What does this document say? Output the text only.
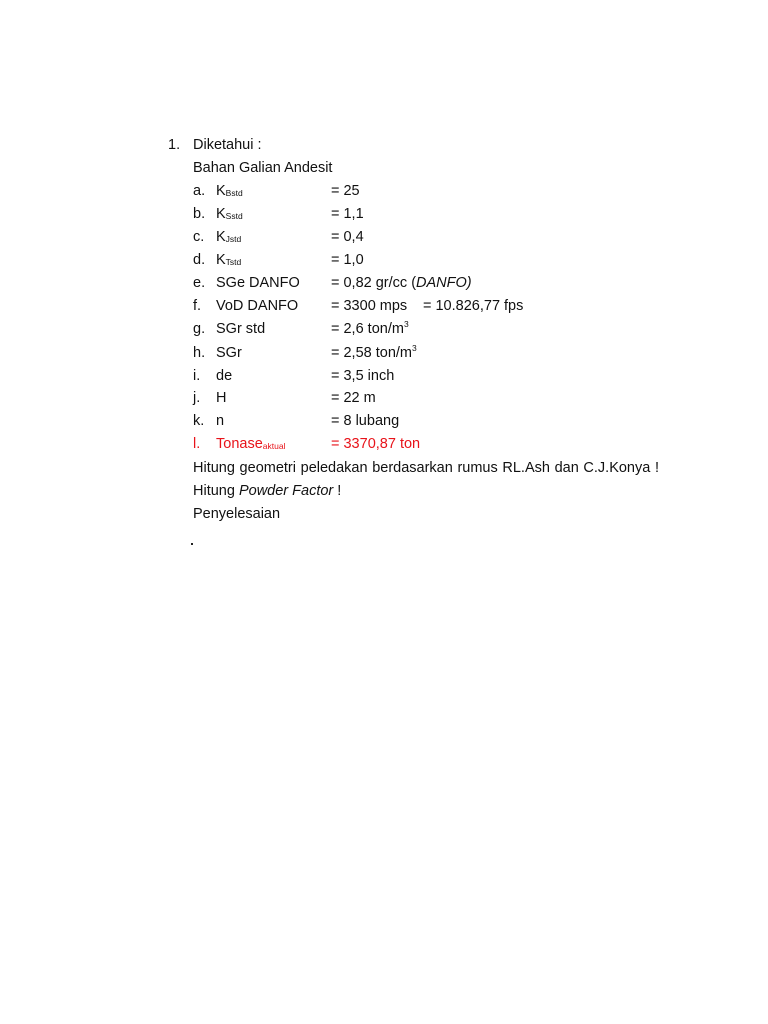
1. Diketahui :
Bahan Galian Andesit
a. $K_{Bstd}$	= 25
b. $K_{Sstd}$	= 1,1
c. $K_{Jstd}$	= 0,4
d. $K_{Tstd}$	= 1,0
e. SGe DANFO = 0,82 gr/cc (DANFO)
f. VoD DANFO = 3300 mps = 10.826,77 fps
g. SGr std	= 2,6 ton/$m^3$
h. SGr	= 2,58 ton/$m^3$
i. de	= 3,5 inch
j. H	= 22 m
k. n	= 8 lubang
l. Tonase$_{aktual}$	= 3370,87 ton
Hitung geometri peledakan berdasarkan rumus RL.Ash dan C.J.Konya !
Hitung Powder Factor !
Penyelesaian
